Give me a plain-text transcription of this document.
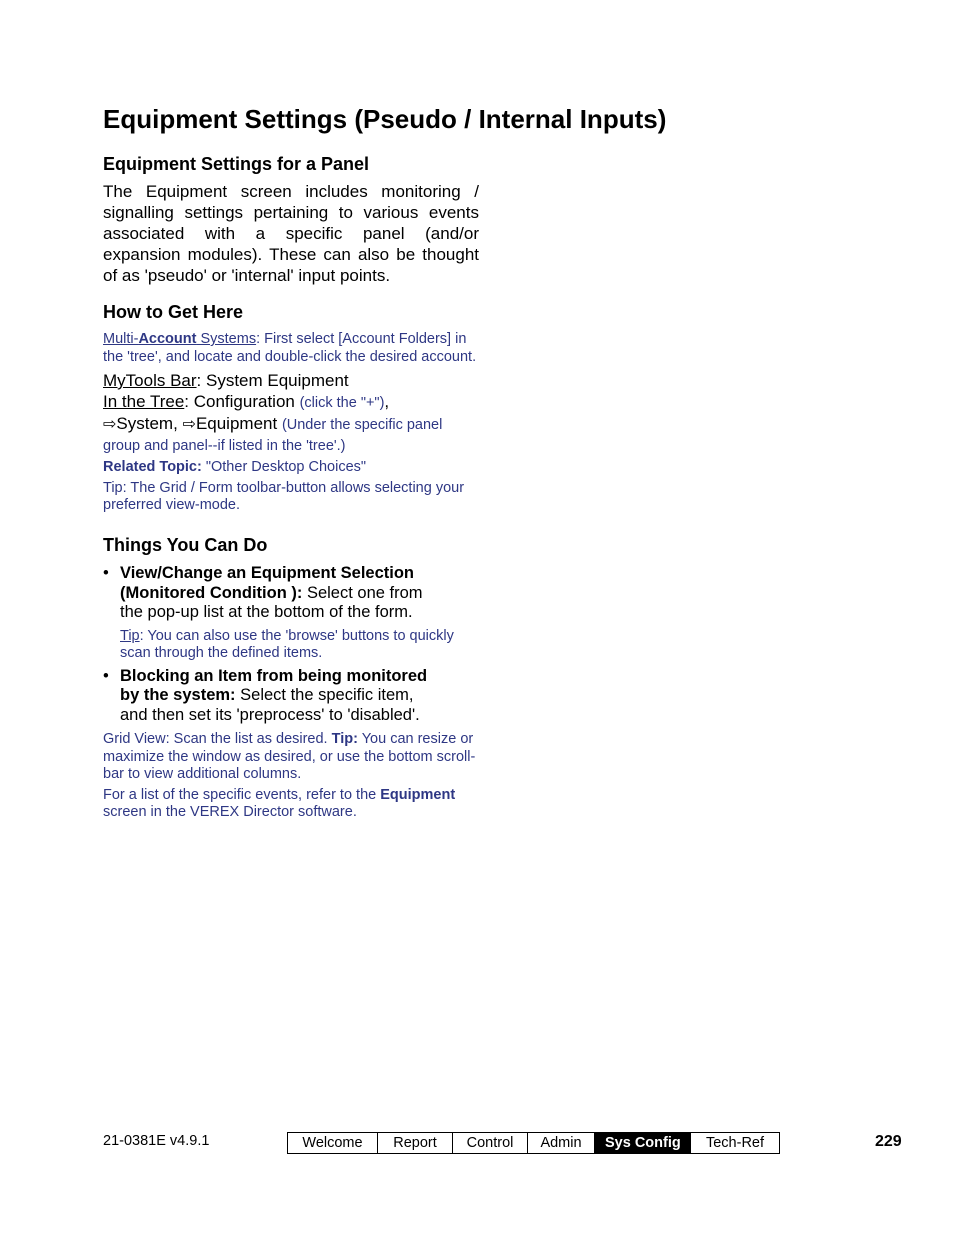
Equipment Settings (Pseudo / Internal Inputs)
Equipment Settings for a Panel

The Equipment screen includes monitoring / signalling settings pertaining to various events associated with a specific panel (and/or expansion modules). These can also be thought of as 'pseudo' or 'internal' input points.

How to Get Here
Multi-Account Systems: First select [Account Folders] in the 'tree', and locate and double-click the desired account.
MyTools Bar: System Equipment
In the Tree: Configuration (click the "+"),
⇨System, ⇨Equipment (Under the specific panel group and panel--if listed in the 'tree'.)
Related Topic: "Other Desktop Choices"
Tip: The Grid / Form toolbar-button allows selecting your preferred view-mode.
Things You Can Do
• View/Change an Equipment Selection (Monitored Condition ): Select one from the pop-up list at the bottom of the form.
Tip: You can also use the 'browse' buttons to quickly scan through the defined items.
• Blocking an Item from being monitored by the system: Select the specific item, and then set its 'preprocess' to 'disabled'.
Grid View: Scan the list as desired. Tip: You can resize or maximize the window as desired, or use the bottom scroll-bar to view additional columns.
For a list of the specific events, refer to the Equipment screen in the VEREX Director software.
21-0381E v4.9.1	Welcome	Report	Control	Admin	Sys Config	Tech-Ref	229
